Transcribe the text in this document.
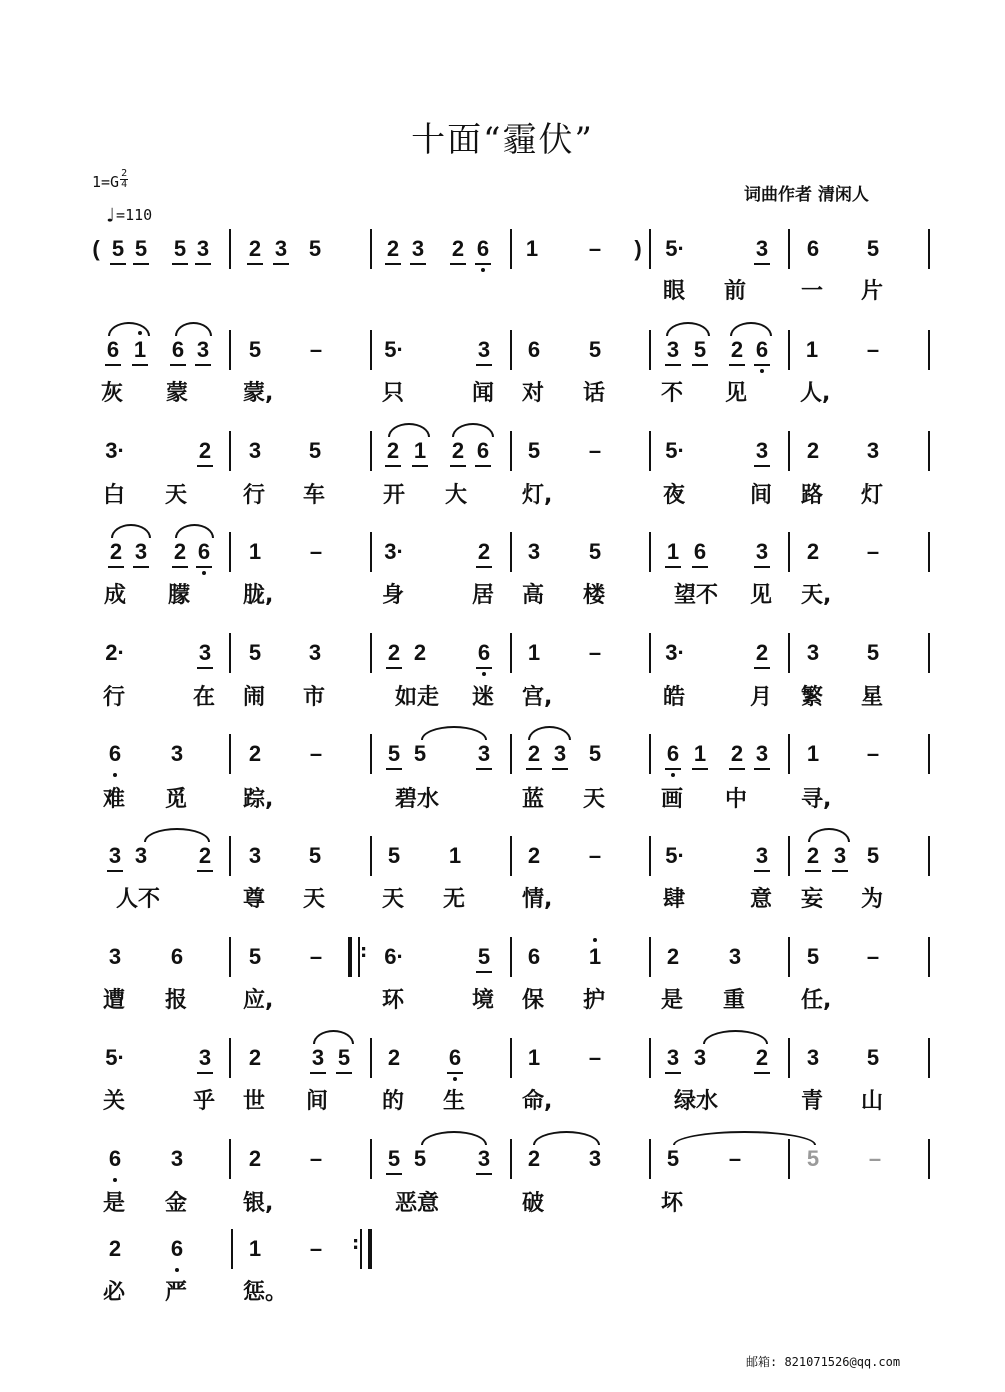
十面“霾伏”
$1=G \frac{2}{4}$
♩=110
词曲作者 清闲人
( 5 5	5 3	2 3 5	2 3	2 6	1	–	)	5·	3	6	5
眼 前 一 片
6 1	6 3	5	–	5·	3	6	5	3 5	2 6	1	–
灰 蒙 蒙,	只	闻 对 话	不 见 人,
3·	2	3	5	2 1	2 6	5	–	5·	3	2	3
白 天	行 车	开 大 灯,	夜	间 路 灯
2 3	2 6	1	–	3·	2	3	5	1 6	3	2	–
成 朦 胧,	身	居 高 楼	望不 见 天,
2·	3	5	3	2 2	6	1	–	3·	2	3	5
行	在 闹 市	如走 迷 宫,	皓	月 繁 星
6	3	2	–	5 5	3	2 3	5	6 1	2 3	1	–
难 觅	踪,	碧水	蓝 天	画 中 寻,
3 3	2	3	5	5	1	2	–	5·	3	2 3 5
人不	尊 天	天 无	情,	肆	意 妄 为
3	6	5	–	: 6·	5	6	1	2	3	5	–
遭 报	应,	环	境 保 护	是 重	任,
5·	3	2	3 5	2	6	1	–	3 3	2	3	5
关	乎 世 间 的 生	命,	绿水	青 山
6	3	2	–	5 5	3	2	3	5	–	5	–
是 金	银,	恶意	破	坏
2	6	1	–	:
必 严	惩。
邮箱: 821071526@qq.com
